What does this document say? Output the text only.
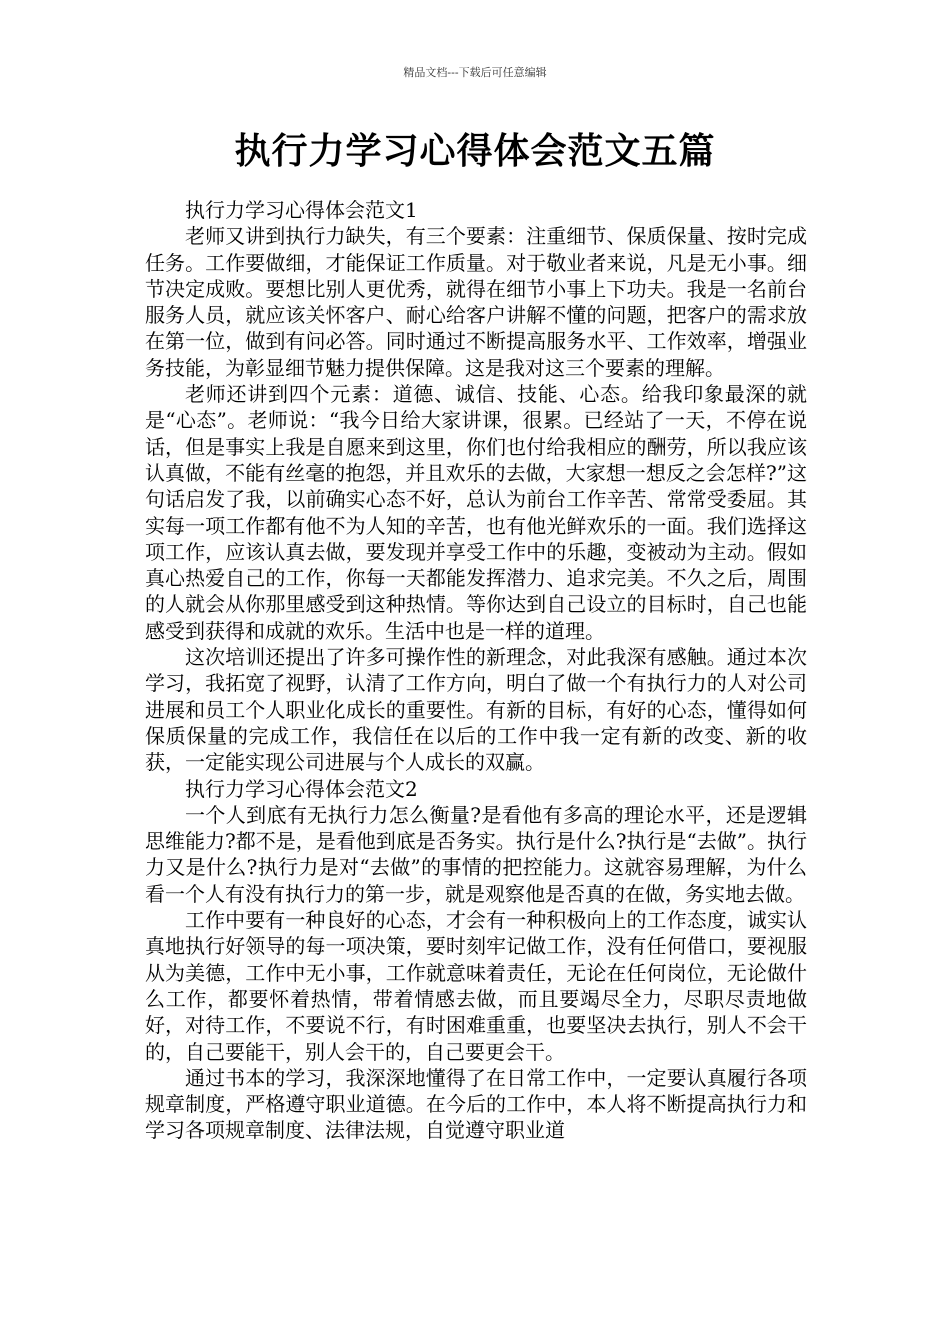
精品文档---下载后可任意编辑
执行力学习心得体会范文五篇

执行力学习心得体会范文1

老师又讲到执行力缺失，有三个要素：注重细节、保质保量、按时完成任务。工作要做细，才能保证工作质量。对于敬业者来说，凡是无小事。细节决定成败。要想比别人更优秀，就得在细节小事上下功夫。我是一名前台服务人员，就应该关怀客户、耐心给客户讲解不懂的问题，把客户的需求放在第一位，做到有问必答。同时通过不断提高服务水平、工作效率，增强业务技能，为彰显细节魅力提供保障。这是我对这三个要素的理解。

老师还讲到四个元素：道德、诚信、技能、心态。给我印象最深的就是“心态”。老师说：“我今日给大家讲课，很累。已经站了一天，不停在说话，但是事实上我是自愿来到这里，你们也付给我相应的酬劳，所以我应该认真做，不能有丝毫的抱怨，并且欢乐的去做，大家想一想反之会怎样?”这句话启发了我，以前确实心态不好，总认为前台工作辛苦、常常受委屈。其实每一项工作都有他不为人知的辛苦，也有他光鲜欢乐的一面。我们选择这项工作，应该认真去做，要发现并享受工作中的乐趣，变被动为主动。假如真心热爱自己的工作，你每一天都能发挥潜力、追求完美。不久之后，周围的人就会从你那里感受到这种热情。等你达到自己设立的目标时，自己也能感受到获得和成就的欢乐。生活中也是一样的道理。

这次培训还提出了许多可操作性的新理念，对此我深有感触。通过本次学习，我拓宽了视野，认清了工作方向，明白了做一个有执行力的人对公司进展和员工个人职业化成长的重要性。有新的目标，有好的心态，懂得如何保质保量的完成工作，我信任在以后的工作中我一定有新的改变、新的收获，一定能实现公司进展与个人成长的双赢。

执行力学习心得体会范文2

一个人到底有无执行力怎么衡量?是看他有多高的理论水平，还是逻辑思维能力?都不是，是看他到底是否务实。执行是什么?执行是“去做”。执行力又是什么?执行力是对“去做”的事情的把控能力。这就容易理解，为什么看一个人有没有执行力的第一步，就是观察他是否真的在做，务实地去做。

工作中要有一种良好的心态，才会有一种积极向上的工作态度，诚实认真地执行好领导的每一项决策，要时刻牢记做工作，没有任何借口，要视服从为美德，工作中无小事，工作就意味着责任，无论在任何岗位，无论做什么工作，都要怀着热情，带着情感去做，而且要竭尽全力，尽职尽责地做好，对待工作，不要说不行，有时困难重重，也要坚决去执行，别人不会干的，自己要能干，别人会干的，自己要更会干。

通过书本的学习，我深深地懂得了在日常工作中，一定要认真履行各项规章制度，严格遵守职业道德。在今后的工作中，本人将不断提高执行力和学习各项规章制度、法律法规，自觉遵守职业道
